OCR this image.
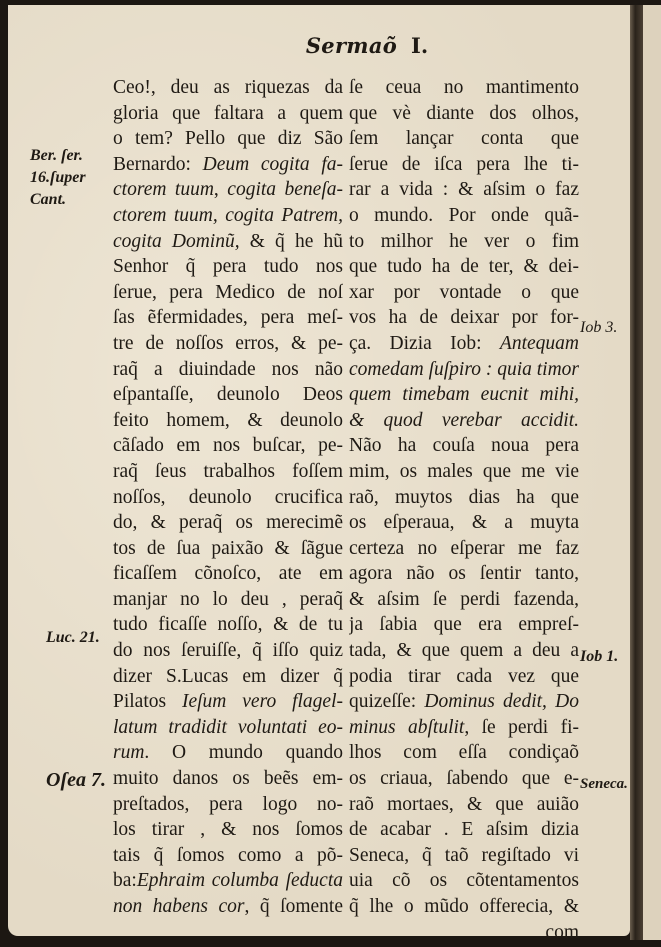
Sermaõ I.
Ber. ſer.
16.ſuper
Cant.
Luc. 21.
Oſea 7.
Iob 3.
Iob 1.
Seneca.
Ceo!, deu as riquezas da
gloria que faltara a quem
o tem? Pello que diz São
Bernardo: Deum cogita fa-
ctorem tuum, cogita beneſa-
ctorem tuum, cogita Patrem,
cogita Dominũ, & q̃ he hũ
Senhor q̃ pera tudo nos
ſerue, pera Medico de noſ
ſas ẽfermidades, pera meſ-
tre de noſſos erros, & pe-
raq̃ a diuindade nos não
eſpantaſſe, deunolo Deos
feito homem, & deunolo
cãſado em nos buſcar, pe-
raq̃ ſeus trabalhos foſſem
noſſos, deunolo crucifica
do, & peraq̃ os merecimẽ
tos de ſua paixão & ſãgue
ficaſſem cõnoſco, ate em
manjar no lo deu , peraq̃
tudo ficaſſe noſſo, & de tu
do nos ſeruiſſe, q̃ iſſo quiz
dizer S.Lucas em dizer q̃
Pilatos Ieſum vero flagel-
latum tradidit voluntati eo-
rum. O mundo quando
muito danos os beẽs em-
preſtados, pera logo no-
los tirar , & nos ſomos
tais q̃ ſomos como a põ-
ba:Ephraim columba ſeducta
non habens cor, q̃ ſomente
ſe ceua no mantimento
que vè diante dos olhos,
ſem lançar conta que
ſerue de iſca pera lhe ti-
rar a vida : & aſsim o faz
o mundo. Por onde quã-
to milhor he ver o fim
que tudo ha de ter, & dei-
xar por vontade o que
vos ha de deixar por for-
ça. Dizia Iob: Antequam
comedam ſuſpiro : quia timor
quem timebam eucnit mihi,
& quod verebar accidit.
Não ha couſa noua pera
mim, os males que me vie
raõ, muytos dias ha que
os eſperaua, & a muyta
certeza no eſperar me faz
agora não os ſentir tanto,
& aſsim ſe perdi fazenda,
ja ſabia que era empreſ-
tada, & que quem a deu a
podia tirar cada vez que
quizeſſe: Dominus dedit, Do
minus abſtulit, ſe perdi fi-
lhos com eſſa condiçaõ
os criaua, ſabendo que e-
raõ mortaes, & que auião
de acabar . E aſsim dizia
Seneca, q̃ taõ regiſtado vi
uia cõ os cõtentamentos
q̃ lhe o mũdo offerecia, &
com
